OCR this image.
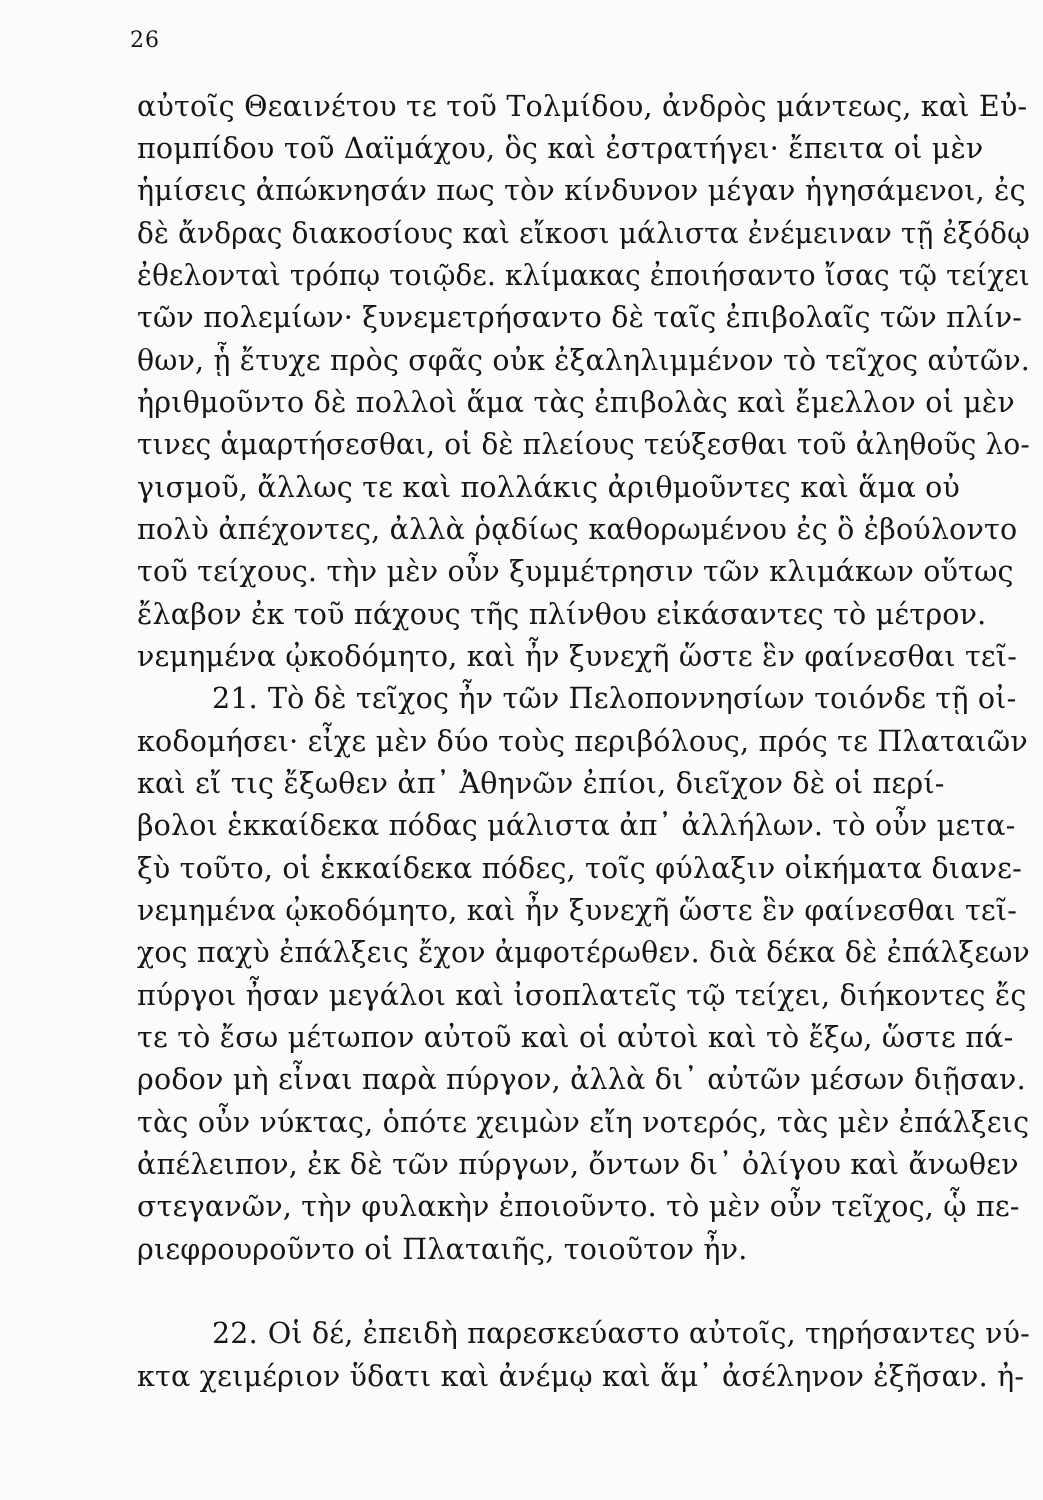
26
αὐτοῖς Θεαινέτου τε τοῦ Τολμίδου, ἀνδρὸς μάντεως, καὶ Εὐ-
πομπίδου τοῦ Δαϊμάχου, ὃς καὶ ἐστρατήγει· ἔπειτα οἱ μὲν
ἡμίσεις ἀπώκνησάν πως τὸν κίνδυνον μέγαν ἡγησάμενοι, ἐς
δὲ ἄνδρας διακοσίους καὶ εἴκοσι μάλιστα ἐνέμειναν τῇ ἐξόδῳ
ἐθελονταὶ τρόπῳ τοιῷδε. κλίμακας ἐποιήσαντο ἴσας τῷ τείχει
τῶν πολεμίων· ξυνεμετρήσαντο δὲ ταῖς ἐπιβολαῖς τῶν πλίν-
θων, ᾗ ἔτυχε πρὸς σφᾶς οὐκ ἐξαληλιμμένον τὸ τεῖχος αὐτῶν.
ἠριθμοῦντο δὲ πολλοὶ ἅμα τὰς ἐπιβολὰς καὶ ἔμελλον οἱ μὲν
τινες ἁμαρτήσεσθαι, οἱ δὲ πλείους τεύξεσθαι τοῦ ἀληθοῦς λο-
γισμοῦ, ἄλλως τε καὶ πολλάκις ἀριθμοῦντες καὶ ἅμα οὐ
πολὺ ἀπέχοντες, ἀλλὰ ῥᾳδίως καθορωμένου ἐς ὃ ἐβούλοντο
τοῦ τείχους. τὴν μὲν οὖν ξυμμέτρησιν τῶν κλιμάκων οὕτως
ἔλαβον ἐκ τοῦ πάχους τῆς πλίνθου εἰκάσαντες τὸ μέτρον.
νεμημένα ᾠκοδόμητο, καὶ ἦν ξυνεχῆ ὥστε ἓν φαίνεσθαι τεῖ-
21. Τὸ δὲ τεῖχος ἦν τῶν Πελοποννησίων τοιόνδε τῇ οἰ-
κοδομήσει· εἶχε μὲν δύο τοὺς περιβόλους, πρός τε Πλαταιῶν
καὶ εἴ τις ἔξωθεν ἀπ᾽ Ἀθηνῶν ἐπίοι, διεῖχον δὲ οἱ περί-
βολοι ἑκκαίδεκα πόδας μάλιστα ἀπ᾽ ἀλλήλων. τὸ οὖν μετα-
ξὺ τοῦτο, οἱ ἑκκαίδεκα πόδες, τοῖς φύλαξιν οἰκήματα διανε-
νεμημένα ᾠκοδόμητο, καὶ ἦν ξυνεχῆ ὥστε ἓν φαίνεσθαι τεῖ-
χος παχὺ ἐπάλξεις ἔχον ἀμφοτέρωθεν. διὰ δέκα δὲ ἐπάλξεων
πύργοι ἦσαν μεγάλοι καὶ ἰσοπλατεῖς τῷ τείχει, διήκοντες ἔς
τε τὸ ἔσω μέτωπον αὐτοῦ καὶ οἱ αὐτοὶ καὶ τὸ ἔξω, ὥστε πά-
ροδον μὴ εἶναι παρὰ πύργον, ἀλλὰ δι᾽ αὐτῶν μέσων διῇσαν.
τὰς οὖν νύκτας, ὁπότε χειμὼν εἴη νοτερός, τὰς μὲν ἐπάλξεις
ἀπέλειπον, ἐκ δὲ τῶν πύργων, ὄντων δι᾽ ὀλίγου καὶ ἄνωθεν
στεγανῶν, τὴν φυλακὴν ἐποιοῦντο. τὸ μὲν οὖν τεῖχος, ᾧ πε-
ριεφρουροῦντο οἱ Πλαταιῆς, τοιοῦτον ἦν.
22. Οἱ δέ, ἐπειδὴ παρεσκεύαστο αὐτοῖς, τηρήσαντες νύ-
κτα χειμέριον ὕδατι καὶ ἀνέμῳ καὶ ἅμ᾽ ἀσέληνον ἐξῆσαν. ἠ-
